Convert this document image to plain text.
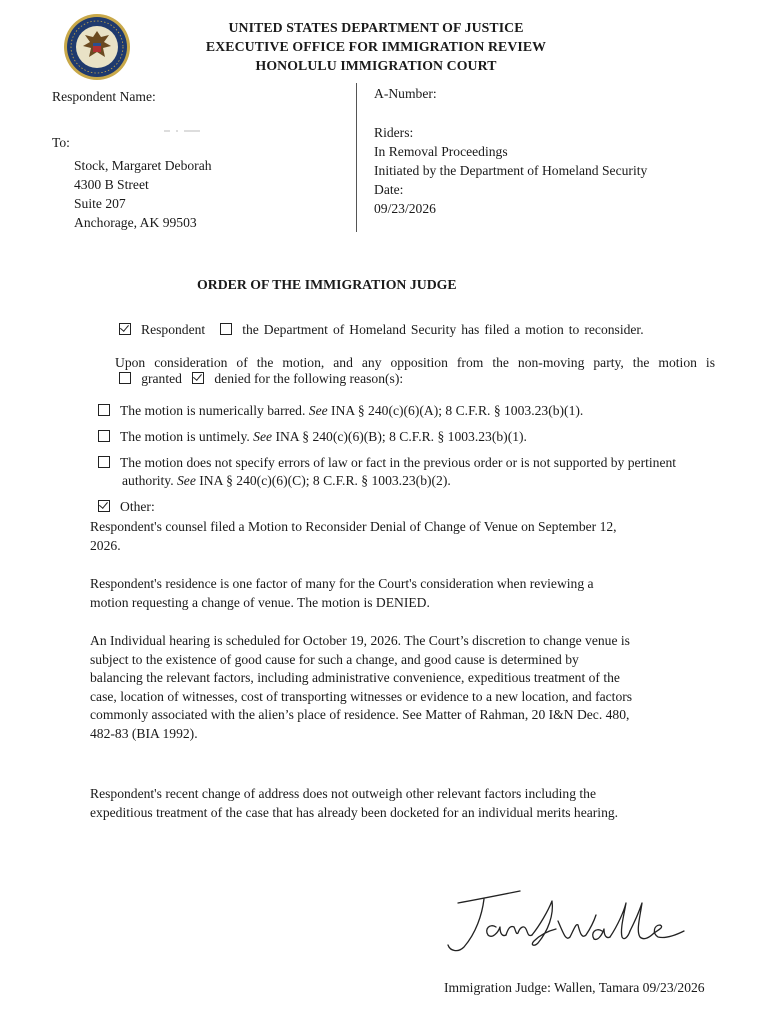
UNITED STATES DEPARTMENT OF JUSTICE
EXECUTIVE OFFICE FOR IMMIGRATION REVIEW
HONOLULU IMMIGRATION COURT
Respondent Name:
To:
Stock, Margaret Deborah
4300 B Street
Suite 207
Anchorage, AK 99503
A-Number:
Riders:
In Removal Proceedings
Initiated by the Department of Homeland Security
Date:
09/23/2026
ORDER OF THE IMMIGRATION JUDGE
Respondent	the Department of Homeland Security has filed a motion to reconsider.
Upon consideration of the motion, and any opposition from the non-moving party, the motion is
granted denied for the following reason(s):
The motion is numerically barred. See INA § 240(c)(6)(A); 8 C.F.R. § 1003.23(b)(1).
The motion is untimely. See INA § 240(c)(6)(B); 8 C.F.R. § 1003.23(b)(1).
The motion does not specify errors of law or fact in the previous order or is not supported by pertinent
authority. See INA § 240(c)(6)(C); 8 C.F.R. § 1003.23(b)(2).
Other:
Respondent's counsel filed a Motion to Reconsider Denial of Change of Venue on September 12,
2026.
Respondent's residence is one factor of many for the Court's consideration when reviewing a
motion requesting a change of venue. The motion is DENIED.
An Individual hearing is scheduled for October 19, 2026. The Court’s discretion to change venue is
subject to the existence of good cause for such a change, and good cause is determined by
balancing the relevant factors, including administrative convenience, expeditious treatment of the
case, location of witnesses, cost of transporting witnesses or evidence to a new location, and factors
commonly associated with the alien’s place of residence. See Matter of Rahman, 20 I&N Dec. 480,
482-83 (BIA 1992).
Respondent's recent change of address does not outweigh other relevant factors including the
expeditious treatment of the case that has already been docketed for an individual merits hearing.
Immigration Judge: Wallen, Tamara 09/23/2026
